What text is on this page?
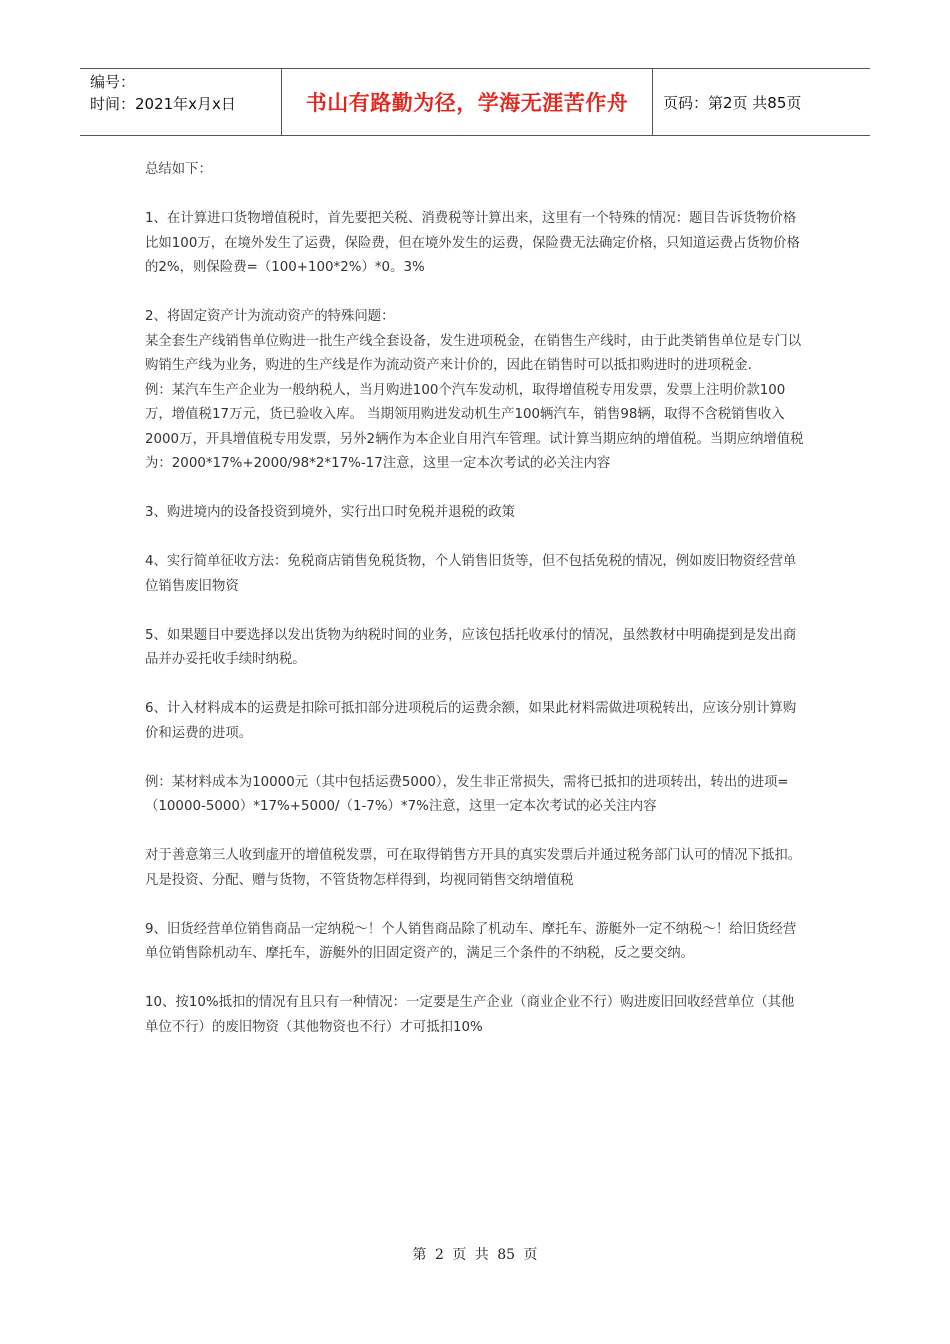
编号：
时间：2021年x月x日	书山有路勤为径，学海无涯苦作舟	页码：第2页 共85页

总结如下：

1、在计算进口货物增值税时，首先要把关税、消费税等计算出来，这里有一个特殊的情况：题目告诉货物价格比如100万，在境外发生了运费，保险费，但在境外发生的运费，保险费无法确定价格，只知道运费占货物价格的2%，则保险费=（100+100*2%）*0。3%

2、将固定资产计为流动资产的特殊问题：

某全套生产线销售单位购进一批生产线全套设备，发生进项税金，在销售生产线时，由于此类销售单位是专门以购销生产线为业务，购进的生产线是作为流动资产来计价的，因此在销售时可以抵扣购进时的进项税金.

例：某汽车生产企业为一般纳税人，当月购进100个汽车发动机，取得增值税专用发票，发票上注明价款100万，增值税17万元，货已验收入库。 当期领用购进发动机生产100辆汽车，销售98辆，取得不含税销售收入2000万，开具增值税专用发票，另外2辆作为本企业自用汽车管理。试计算当期应纳的增值税。当期应纳增值税为：2000*17%+2000/98*2*17%-17注意，这里一定本次考试的必关注内容

3、购进境内的设备投资到境外，实行出口时免税并退税的政策

4、实行简单征收方法：免税商店销售免税货物，个人销售旧货等，但不包括免税的情况，例如废旧物资经营单位销售废旧物资

5、如果题目中要选择以发出货物为纳税时间的业务，应该包括托收承付的情况，虽然教材中明确提到是发出商品并办妥托收手续时纳税。

6、计入材料成本的运费是扣除可抵扣部分进项税后的运费余额，如果此材料需做进项税转出，应该分别计算购价和运费的进项。

例：某材料成本为10000元（其中包括运费5000），发生非正常损失，需将已抵扣的进项转出，转出的进项=（10000-5000）*17%+5000/（1-7%）*7%注意，这里一定本次考试的必关注内容

对于善意第三人收到虚开的增值税发票，可在取得销售方开具的真实发票后并通过税务部门认可的情况下抵扣。凡是投资、分配、赠与货物，不管货物怎样得到，均视同销售交纳增值税

9、旧货经营单位销售商品一定纳税～！个人销售商品除了机动车、摩托车、游艇外一定不纳税～！给旧货经营单位销售除机动车、摩托车，游艇外的旧固定资产的，满足三个条件的不纳税，反之要交纳。

10、按10%抵扣的情况有且只有一种情况：一定要是生产企业（商业企业不行）购进废旧回收经营单位（其他单位不行）的废旧物资（其他物资也不行）才可抵扣10%

第 2 页 共 85 页
